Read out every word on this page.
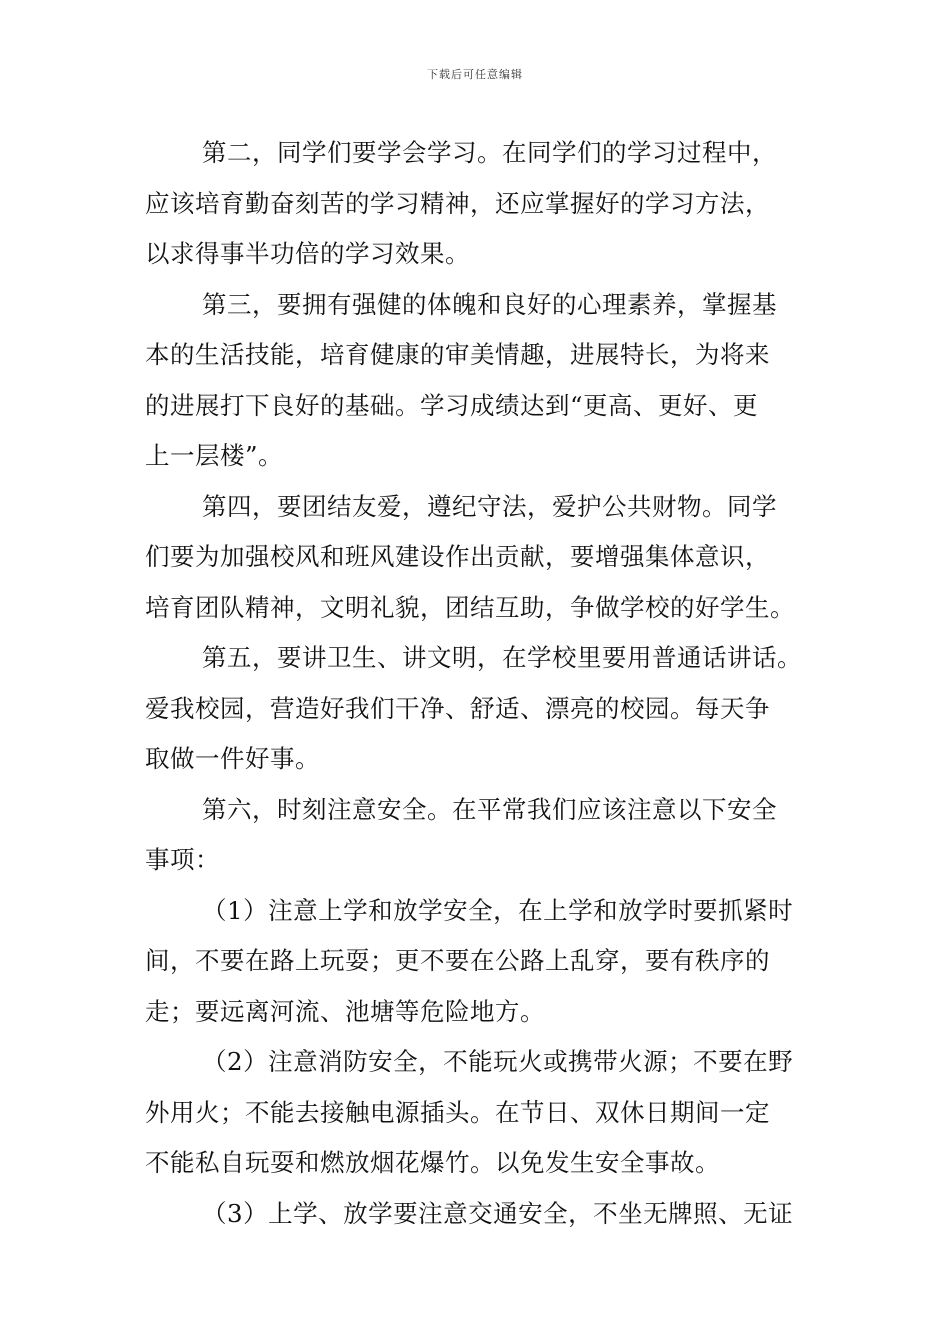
下载后可任意编辑

第二，同学们要学会学习。在同学们的学习过程中，
应该培育勤奋刻苦的学习精神，还应掌握好的学习方法，
以求得事半功倍的学习效果。

第三，要拥有强健的体魄和良好的心理素养，掌握基
本的生活技能，培育健康的审美情趣，进展特长，为将来
的进展打下良好的基础。学习成绩达到“更高、更好、更
上一层楼”。

第四，要团结友爱，遵纪守法，爱护公共财物。同学
们要为加强校风和班风建设作出贡献，要增强集体意识，
培育团队精神，文明礼貌，团结互助，争做学校的好学生。

第五，要讲卫生、讲文明，在学校里要用普通话讲话。
爱我校园，营造好我们干净、舒适、漂亮的校园。每天争
取做一件好事。

第六，时刻注意安全。在平常我们应该注意以下安全
事项：

（1）注意上学和放学安全，在上学和放学时要抓紧时
间，不要在路上玩耍；更不要在公路上乱穿，要有秩序的
走；要远离河流、池塘等危险地方。

（2）注意消防安全，不能玩火或携带火源；不要在野
外用火；不能去接触电源插头。在节日、双休日期间一定
不能私自玩耍和燃放烟花爆竹。以免发生安全事故。

（3）上学、放学要注意交通安全，不坐无牌照、无证
